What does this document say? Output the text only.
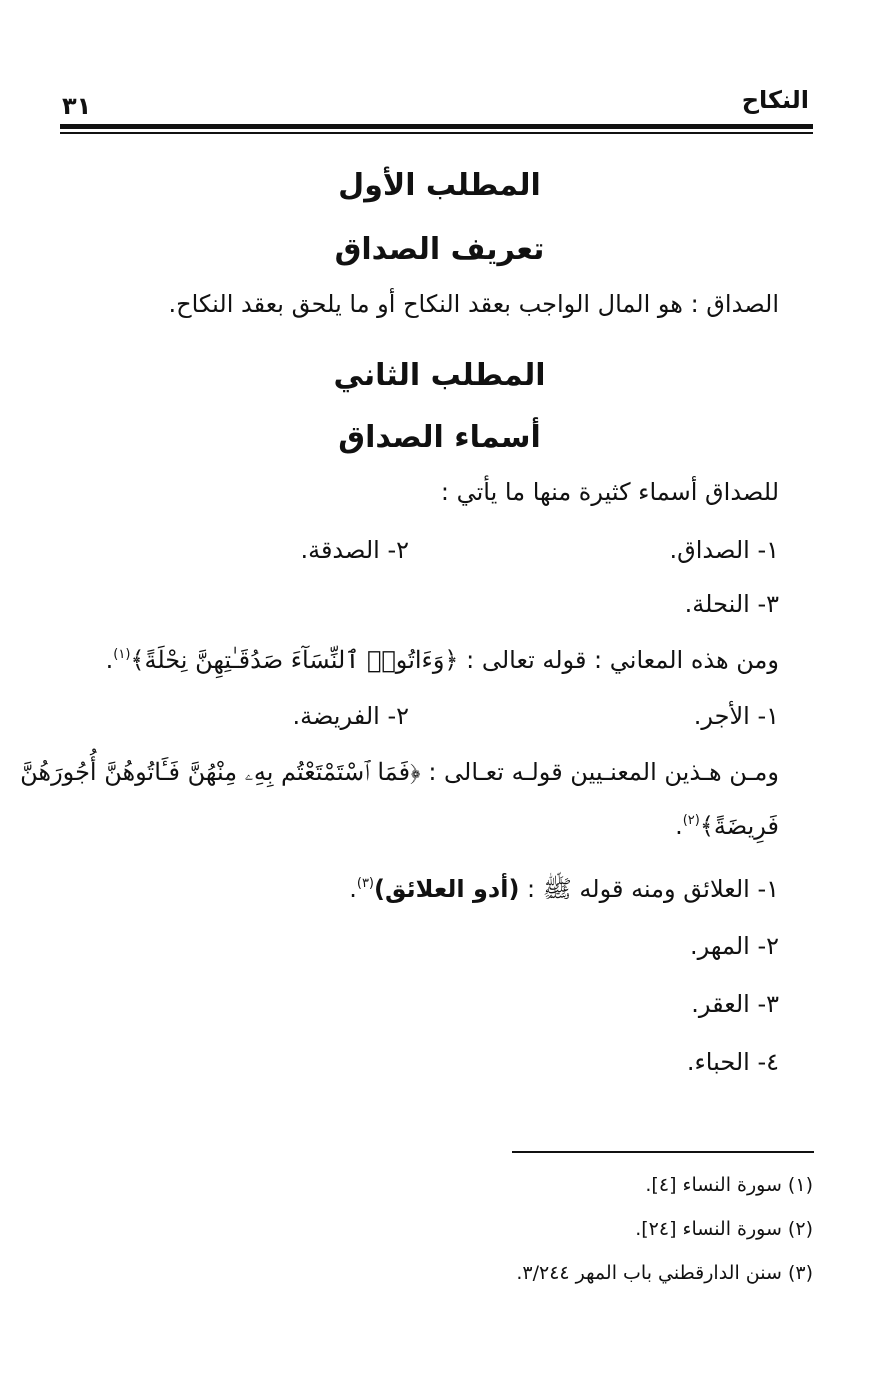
النكاح
٣١
المطلب الأول
تعريف الصداق
الصداق : هو المال الواجب بعقد النكاح أو ما يلحق بعقد النكاح.
المطلب الثاني
أسماء الصداق
للصداق أسماء كثيرة منها ما يأتي :
١- الصداق.
٢- الصدقة.
٣- النحلة.
ومن هذه المعاني : قوله تعالى : ﴿وَءَاتُوا۟ ٱلنِّسَآءَ صَدُقَـٰتِهِنَّ نِحْلَةً﴾$^{(١)}$.
١- الأجر.
٢- الفريضة.
ومـن هـذين المعنـيين قولـه تعـالى : ﴿فَمَا ٱسْتَمْتَعْتُم بِهِۦ مِنْهُنَّ فَـَٔاتُوهُنَّ أُجُورَهُنَّ
فَرِيضَةً﴾$^{(٢)}$.
١- العلائق ومنه قوله ﷺ : (أدو العلائق)$^{(٣)}$.
٢- المهر.
٣- العقر.
٤- الحباء.
(١) سورة النساء [٤].
(٢) سورة النساء [٢٤].
(٣) سنن الدارقطني باب المهر ٣/٢٤٤.
